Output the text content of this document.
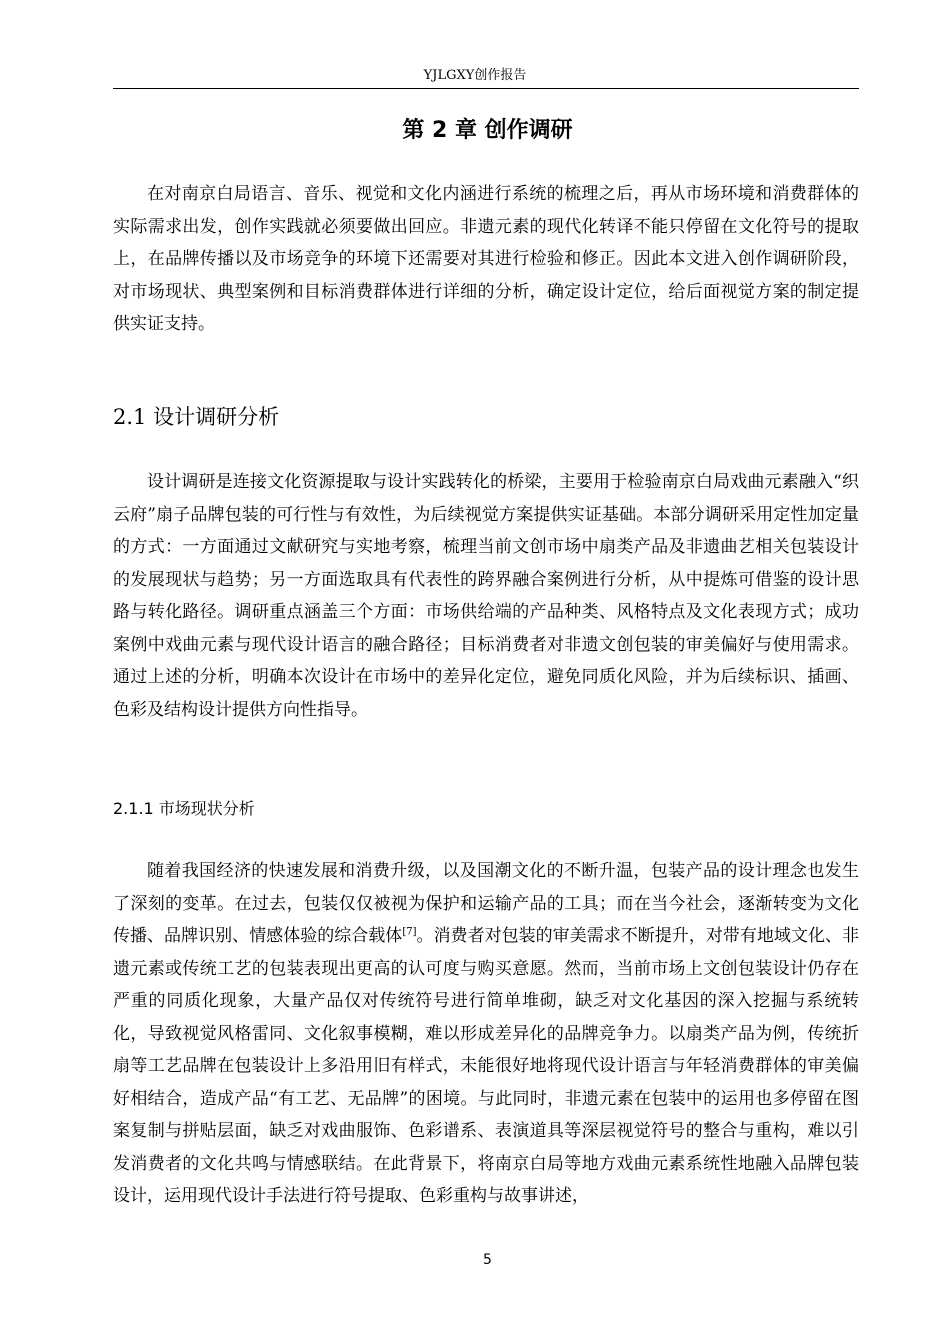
YJLGXY创作报告
第 2 章 创作调研

在对南京白局语言、音乐、视觉和文化内涵进行系统的梳理之后，再从市场环境和消费群体的实际需求出发，创作实践就必须要做出回应。非遗元素的现代化转译不能只停留在文化符号的提取上，在品牌传播以及市场竞争的环境下还需要对其进行检验和修正。因此本文进入创作调研阶段，对市场现状、典型案例和目标消费群体进行详细的分析，确定设计定位，给后面视觉方案的制定提供实证支持。

2.1 设计调研分析

设计调研是连接文化资源提取与设计实践转化的桥梁，主要用于检验南京白局戏曲元素融入“织云府”扇子品牌包装的可行性与有效性，为后续视觉方案提供实证基础。本部分调研采用定性加定量的方式：一方面通过文献研究与实地考察，梳理当前文创市场中扇类产品及非遗曲艺相关包装设计的发展现状与趋势；另一方面选取具有代表性的跨界融合案例进行分析，从中提炼可借鉴的设计思路与转化路径。调研重点涵盖三个方面：市场供给端的产品种类、风格特点及文化表现方式；成功案例中戏曲元素与现代设计语言的融合路径；目标消费者对非遗文创包装的审美偏好与使用需求。通过上述的分析，明确本次设计在市场中的差异化定位，避免同质化风险，并为后续标识、插画、色彩及结构设计提供方向性指导。

2.1.1 市场现状分析

随着我国经济的快速发展和消费升级，以及国潮文化的不断升温，包装产品的设计理念也发生了深刻的变革。在过去，包装仅仅被视为保护和运输产品的工具；而在当今社会，逐渐转变为文化传播、品牌识别、情感体验的综合载体[7]。消费者对包装的审美需求不断提升，对带有地域文化、非遗元素或传统工艺的包装表现出更高的认可度与购买意愿。然而，当前市场上文创包装设计仍存在严重的同质化现象，大量产品仅对传统符号进行简单堆砌，缺乏对文化基因的深入挖掘与系统转化，导致视觉风格雷同、文化叙事模糊，难以形成差异化的品牌竞争力。以扇类产品为例，传统折扇等工艺品牌在包装设计上多沿用旧有样式，未能很好地将现代设计语言与年轻消费群体的审美偏好相结合，造成产品“有工艺、无品牌”的困境。与此同时，非遗元素在包装中的运用也多停留在图案复制与拼贴层面，缺乏对戏曲服饰、色彩谱系、表演道具等深层视觉符号的整合与重构，难以引发消费者的文化共鸣与情感联结。在此背景下，将南京白局等地方戏曲元素系统性地融入品牌包装设计，运用现代设计手法进行符号提取、色彩重构与故事讲述，

5
